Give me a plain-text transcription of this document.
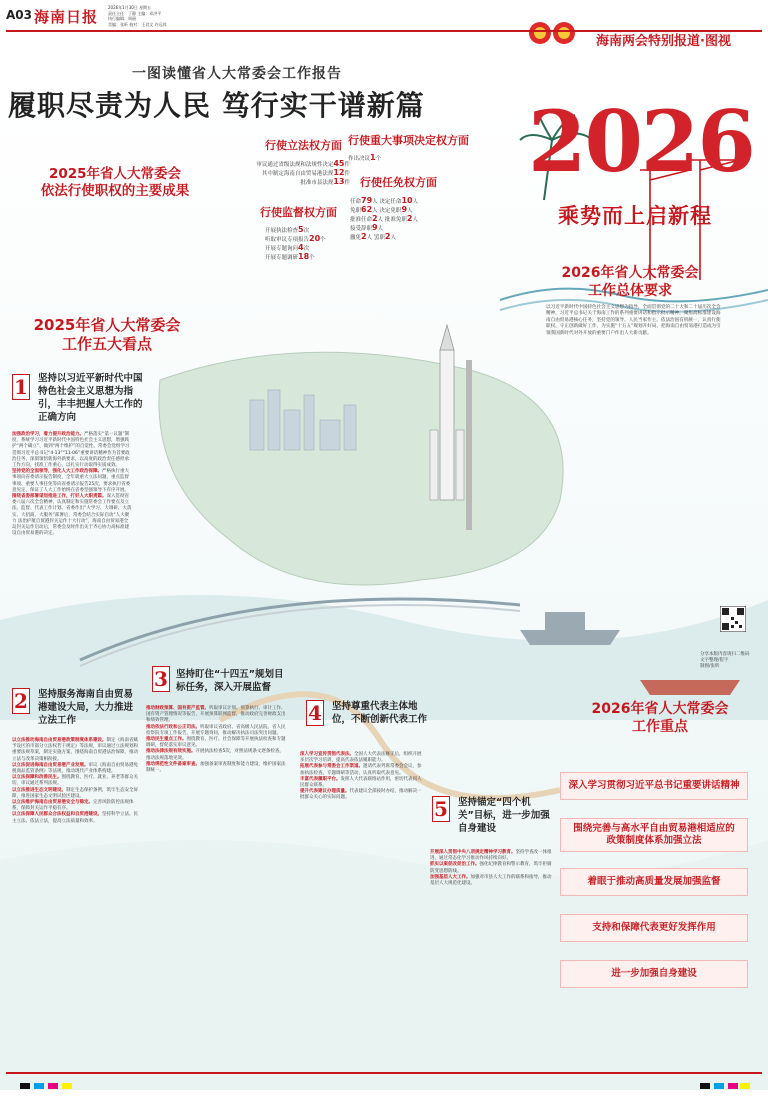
A03 海南日报
2026年1月30日 星期五
责任主任：丁静 主编：邓洪平
执行编辑：周丽
美编：张昕 校对：王君文 许远邦
海南两会特别报道·图视
一图读懂省人大常委会工作报告
履职尽责为人民 笃行实干谱新篇 2026
乘势而上启新程
2025年省人大常委会
依法行使职权的主要成果
行使立法权方面
审议通过省级法规和法规性决定45件
其中制定海南自由贸易港法规12件
批准市县法规13件
行使重大事项决定权方面
作出决议1个
行使任免权方面
任命79人 决定任命10人
免职62人 决定免职9人
批准任命2人 批准免职2人
接受辞职9人
撤免2人 罢职2人
行使监督权方面
开展执法检查5次
听取审议专项报告20个
开展专题询问4次
开展专题调研18个
2026年省人大常委会
工作总体要求
以习近平新时代中国特色社会主义思想为指导，全面贯彻党的二十大和二十届历次全会精神，习近平总书记关于海南工作的系列重要讲话和指示批示精神，聚焦高标准建设海南自由贸易港核心任务，坚持党的领导、人民当家作主、依法治国有机统一，认真行使职权，守正创新做好工作，为实施“十五五”规划开好局、把海南自由贸易港打造成为引领我国新时代对外开放的重要门户作出人大新贡献。
2025年省人大常委会
工作五大看点
1 坚持以习近平新时代中国特色社会主义思想为指引，丰丰把握人大工作的正确方向

加强政治学习，着力提升政治能力。严格落实“第一议题”制度，系统学习习近平新时代中国特色社会主义思想，增强践护“两个确立”、做到“两个维护”的自觉性。常委会党组学习贯彻习近平总书记“4·13”“11·06”重要讲话精神作为首要政治任务，深刻领悟新海外新要求，以高度的政治责任感担承工作方向，找准工作重心，以扎实行动取得实质成效。

坚持党的全面领导，强化人大工作政治保障。严格执行重大事项向省委请示报告制度，全年就重大立法问题、重点监督事项、重要人事任免等向省委请示报告25次，要求执行省委意见定，保证了人大工作始终在省委坚强领导下有序开展。

围绕省委部署谋划推进工作，打好人大职责篇。深入贯彻省委八届六次全会精神，认真制定和实施常委会工作要点及立法、监督、代表工作计划。省委作出“大学习、大调研、大落实、大招商、大服务”部署后，常委会结合实际启动“人大聚力 法治护航自贸港封关运作十大行动”，海南自由贸易港全岛封关运作启动后，常委会及时作出关于齐心协力高标准建设自由贸易港的决定。

2 坚持服务海南自由贸易港建设大局，大力推进立法工作

以立法推动海南自由贸易港政策制度体系建设。制定《海南省赋予设区的市部分立法权若干规定》等法规，审议通过立法规划和重要法规草案，制定实施方案，围绕海南自贸港法治保障，推动立法与改革决策相衔接。

以立法促进海南自由贸易港产业发展。审议《海南自由贸易港免税商品监管条例》等法规，推动现代产业体系构建。

以立法保障和改善民生。围绕教育、医疗、就业、养老等群众关切，审议通过系列法规。

以立法推进生态文明建设。制定生态保护条例，筑牢生态安全屏障，推进国家生态文明试验区建设。

以立法维护海南自由贸易港安全与稳定。完善风险防控法规体系，保障封关运作平稳有序。

以立法保障人民群众合法权益和自贸港建设。坚持科学立法、民主立法、依法立法，提高立法质量和效率。

3 坚持盯住“十四五”规划目标任务，深入开展监督

推动财政预算、国有资产监管。听取审议计划、预算执行、审计工作、国有资产管理情况等报告，开展预算联网监督，推动政府完善财政支出和绩效管理。

推动依法行政和公正司法。听取审议省政府、省高级人民法院、省人民检察院专项工作报告，开展专题询问，推动解决执法司法突出问题。

推动民生重点工作。围绕教育、医疗、社会保障等开展执法检查和专题调研，督促落实审议意见。

推动法律法规有效实施。开展执法检查5次，对照法规条文逐条检查，推动法规落地见效。

推动规范性文件备案审查。加强备案审查制度和能力建设，维护国家法制统一。

4 坚持尊重代表主体地位，不断创新代表工作

深入学习宣传贯彻代表法。全国人大代表法修正后，组织开展多层次学习培训，提高代表依法履职能力。

拓展代表参与常委会工作渠道。邀请代表列席常委会会议，参加执法检查、专题调研等活动，认真听取代表意见。

丰富代表履职平台。发挥人大代表联络站作用，密切代表同人民群众联系。

提升代表建议办理质量。代表建议全部按时办结，推动解决一批群众关心的实际问题。	5 坚持锚定“四个机关”目标，进一步加强自身建设

开展深入贯彻中央八项规定精神学习教育。坚持学查改一体推进，通过常态化学习推动作风持续向好。

抓实以案促改促治工作。强化纪律教育和警示教育，筑牢拒腐防变思想防线。

加强基层人大工作。加强对市县人大工作的联系和指导，推动基层人大规范化建设。

分享本版内容请扫二维码
文字整理/崔宇
制图/张昕
2026年省人大常委会
工作重点
深入学习贯彻习近平总书记重要讲话精神
围绕完善与高水平自由贸易港相适应的政策制度体系加强立法
着眼于推动高质量发展加强监督
支持和保障代表更好发挥作用
进一步加强自身建设
